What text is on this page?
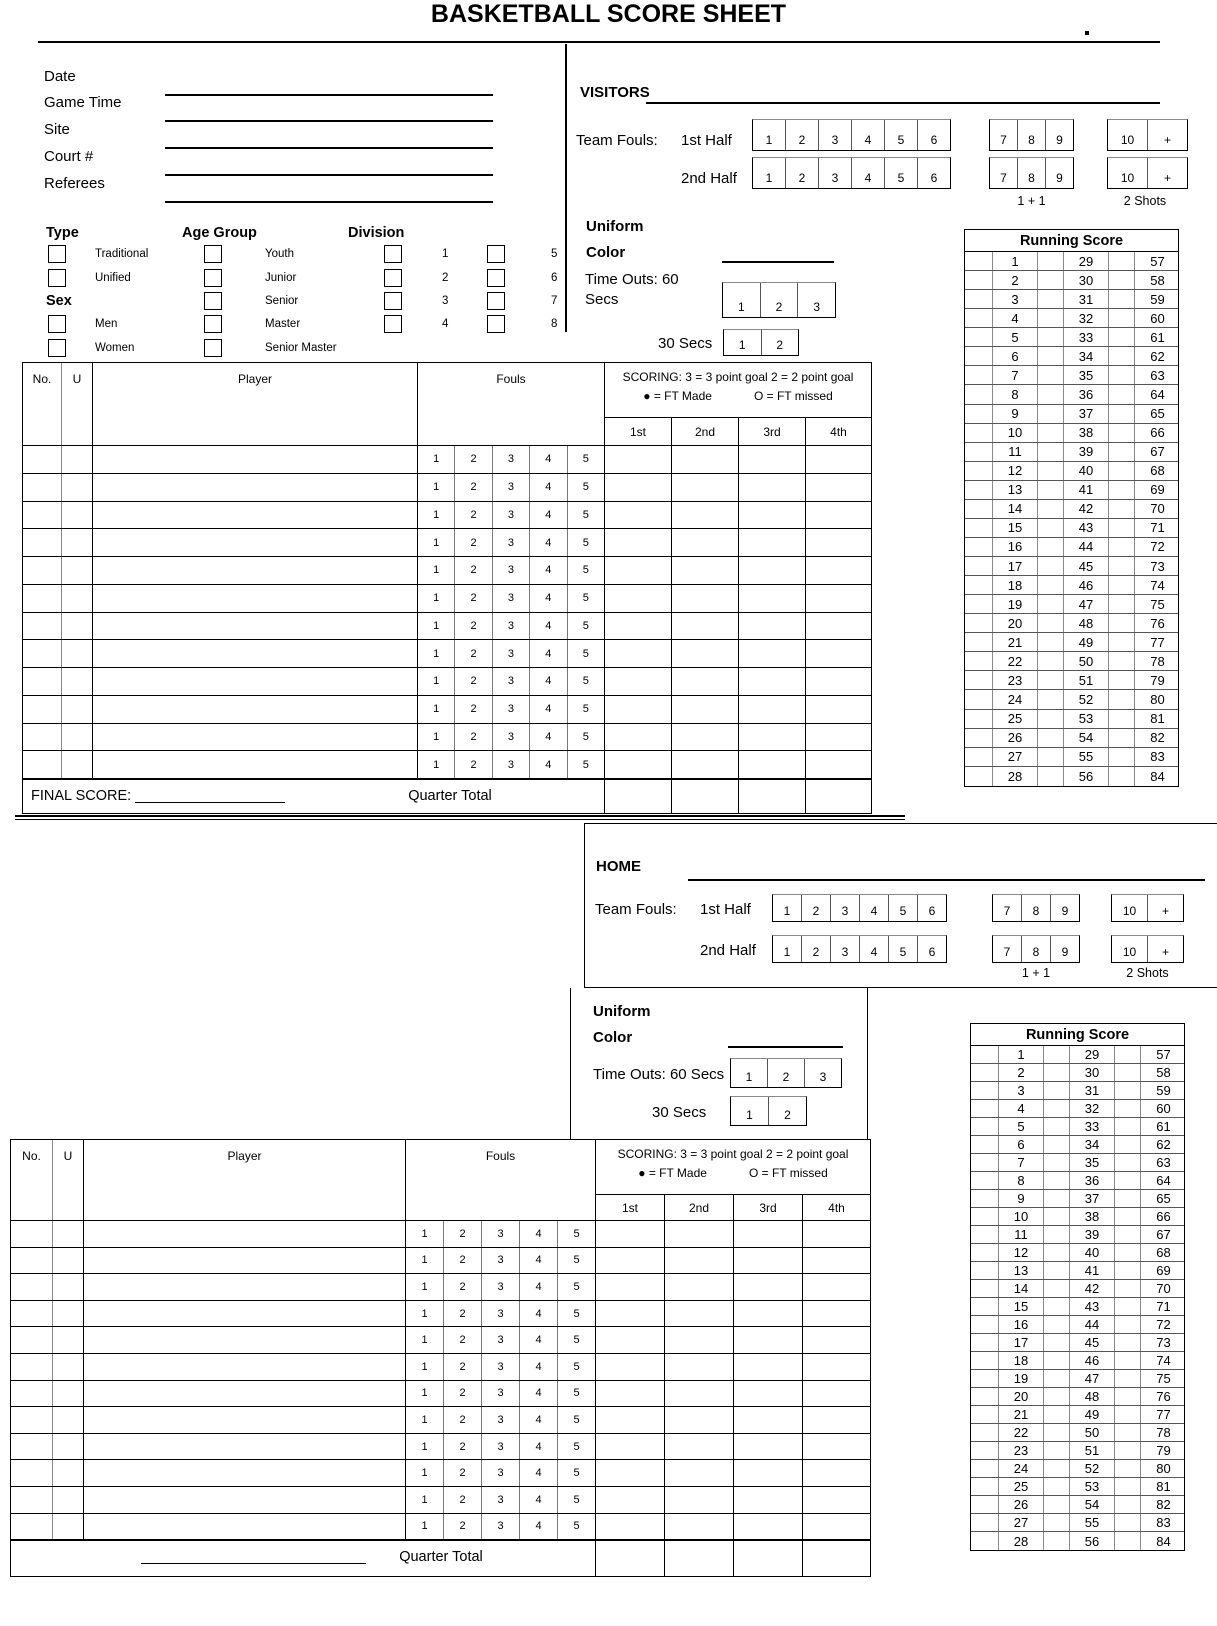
BASKETBALL SCORE SHEET
Date
Game Time
Site
Court #
Referees
Type
Traditional
Unified
Sex
Men
Women
Age Group
Youth
Junior
Senior
Master
Senior Master
Division
1	5
2	6
3	7
4	8
VISITORS
Team Fouls: 1st Half
2nd Half
1 + 1	2 Shots
Uniform
Color
Time Outs: 60
Secs
30 Secs
HOME
Team Fouls: 1st Half
2nd Half
1 + 1	2 Shots
Uniform
Color
Time Outs: 60 Secs
30 Secs
1	2	3	4	5	6	7	8	9	10	+
1	2	3	4	5	6	7	8	9	10	+
1	2	3	4	5	6	7	8	9	10	+
1	2	3	4	5	6	7	8	9	10	+
1	2	3
1	2
1	2	3
1	2
Running Score
1	29	57
2	30	58
3	31	59
4	32	60
5	33	61
6	34	62
7	35	63
8	36	64
9	37	65
10	38	66
11	39	67
12	40	68
13	41	69
14	42	70
15	43	71
16	44	72
17	45	73
18	46	74
19	47	75
20	48	76
21	49	77
22	50	78
23	51	79
24	52	80
25	53	81
26	54	82
27	55	83
28	56	84
Running Score
1	29	57
2	30	58
3	31	59
4	32	60
5	33	61
6	34	62
7	35	63
8	36	64
9	37	65
10	38	66
11	39	67
12	40	68
13	41	69
14	42	70
15	43	71
16	44	72
17	45	73
18	46	74
19	47	75
20	48	76
21	49	77
22	50	78
23	51	79
24	52	80
25	53	81
26	54	82
27	55	83
28	56	84
No.	U	Player	Fouls	SCORING: 3 = 3 point goal 2 = 2 point goal
● = FT Made	O = FT missed
1st	2nd	3rd	4th
1	2	3	4	5
1	2	3	4	5
1	2	3	4	5
1	2	3	4	5
1	2	3	4	5
1	2	3	4	5
1	2	3	4	5
1	2	3	4	5
1	2	3	4	5
1	2	3	4	5
1	2	3	4	5
1	2	3	4	5
FINAL SCORE:	Quarter Total
No.	U	Player	Fouls	SCORING: 3 = 3 point goal 2 = 2 point goal
● = FT Made	O = FT missed
1st	2nd	3rd	4th
1	2	3	4	5
1	2	3	4	5
1	2	3	4	5
1	2	3	4	5
1	2	3	4	5
1	2	3	4	5
1	2	3	4	5
1	2	3	4	5
1	2	3	4	5
1	2	3	4	5
1	2	3	4	5
1	2	3	4	5
Quarter Total
